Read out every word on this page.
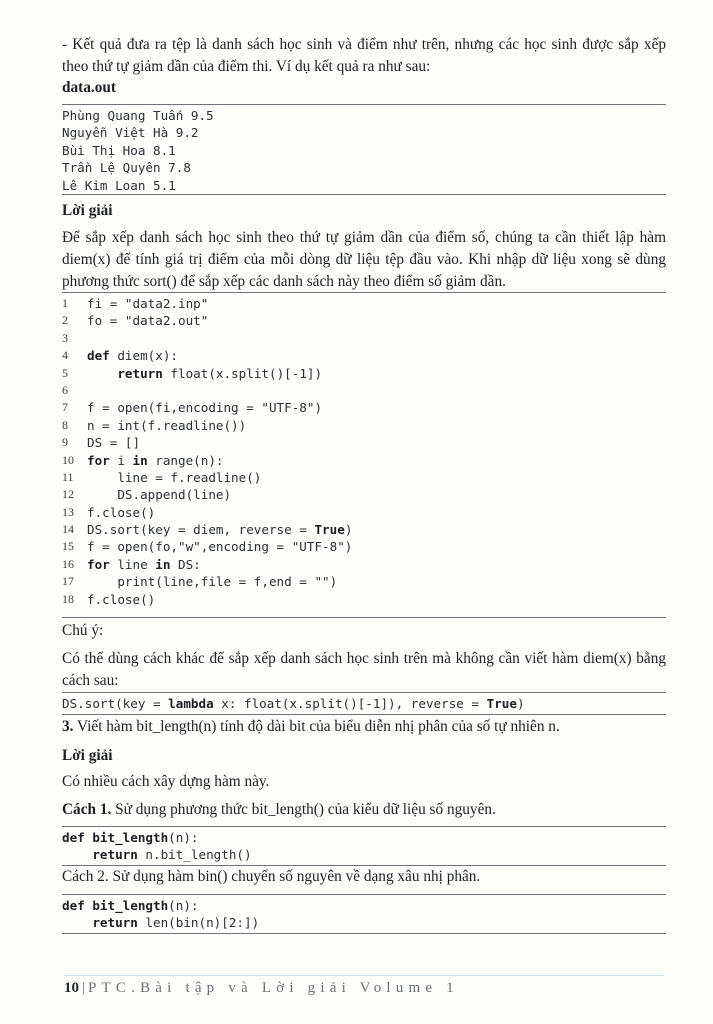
- Kết quả đưa ra tệp là danh sách học sinh và điểm như trên, nhưng các học sinh được sắp xếp theo thứ tự giảm dần của điểm thi. Ví dụ kết quả ra như sau:

data.out

Phùng Quang Tuấn 9.5
Nguyễn Việt Hà 9.2
Bùi Thị Hoa 8.1
Trần Lệ Quyên 7.8
Lê Kim Loan 5.1

Lời giải

Để sắp xếp danh sách học sinh theo thứ tự giảm dần của điểm số, chúng ta cần thiết lập hàm diem(x) để tính giá trị điểm của mỗi dòng dữ liệu tệp đầu vào. Khi nhập dữ liệu xong sẽ dùng phương thức sort() để sắp xếp các danh sách này theo điểm số giảm dần.

1	fi = "data2.inp"
2	fo = "data2.out"
3
4	def diem(x):
5	return float(x.split()[-1])
6
7	f = open(fi,encoding = "UTF-8")
8	n = int(f.readline())
9	DS = []
10 for i in range(n):
11 line = f.readline()
12 DS.append(line)
13 f.close()
14 DS.sort(key = diem, reverse = True)
15 f = open(fo,"w",encoding = "UTF-8")
16 for line in DS:
17 print(line,file = f,end = "")
18 f.close()

Chú ý:

Có thể dùng cách khác để sắp xếp danh sách học sinh trên mà không cần viết hàm diem(x) bằng cách sau:

DS.sort(key = lambda x: float(x.split()[-1]), reverse = True)

3. Viết hàm bit_length(n) tính độ dài bit của biểu diễn nhị phân của số tự nhiên n.

Lời giải

Có nhiều cách xây dựng hàm này.

Cách 1. Sử dụng phương thức bit_length() của kiểu dữ liệu số nguyên.

def bit_length(n):
return n.bit_length()

Cách 2. Sử dụng hàm bin() chuyển số nguyên về dạng xâu nhị phân.

def bit_length(n):
return len(bin(n)[2:])
10 | PTC.Bài tập và Lời giải Volume 1
